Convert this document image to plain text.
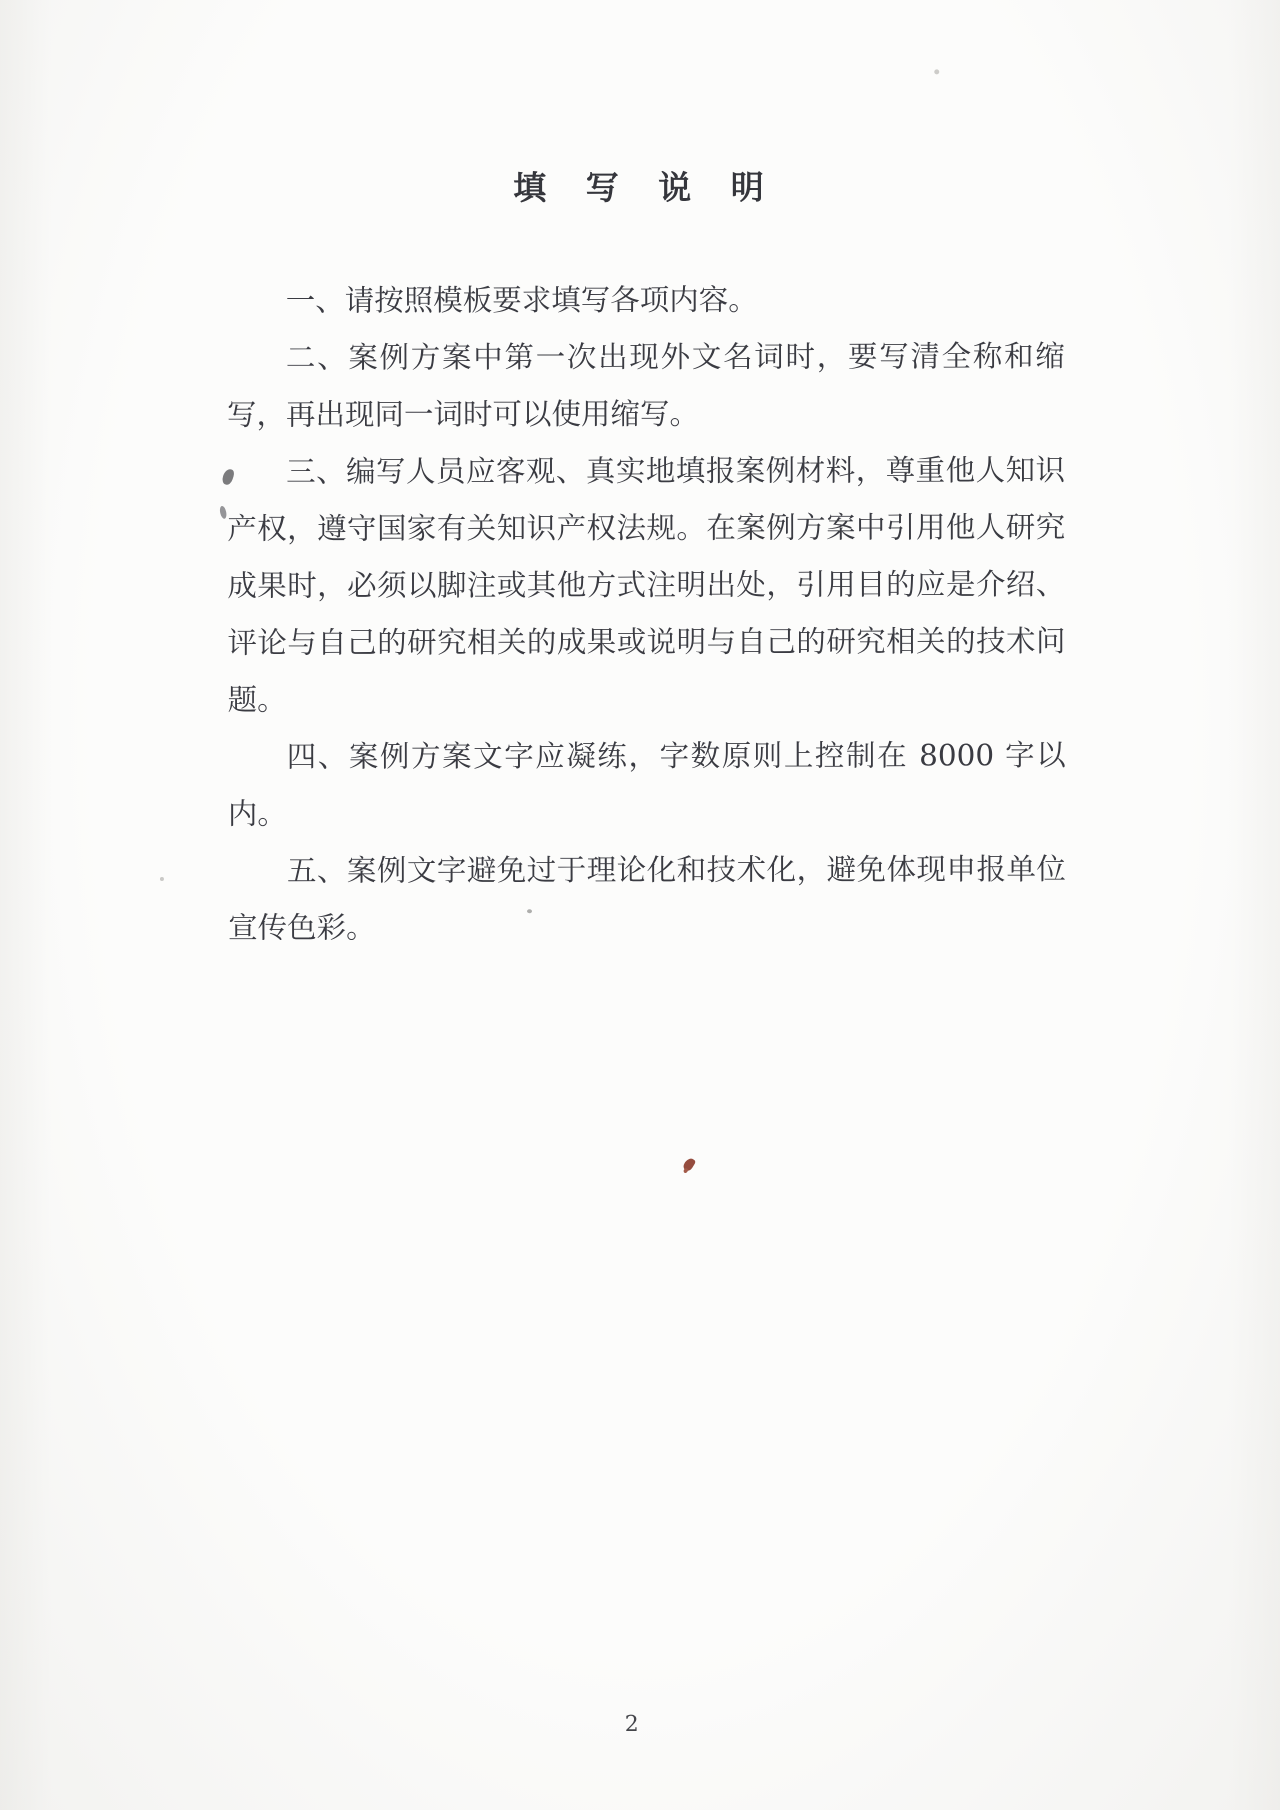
填 写 说 明

一、请按照模板要求填写各项内容。

二、案例方案中第一次出现外文名词时，要写清全称和缩写，再出现同一词时可以使用缩写。

三、编写人员应客观、真实地填报案例材料，尊重他人知识产权，遵守国家有关知识产权法规。在案例方案中引用他人研究成果时，必须以脚注或其他方式注明出处，引用目的应是介绍、评论与自己的研究相关的成果或说明与自己的研究相关的技术问题。

四、案例方案文字应凝练，字数原则上控制在 8000 字以内。

五、案例文字避免过于理论化和技术化，避免体现申报单位宣传色彩。

2
